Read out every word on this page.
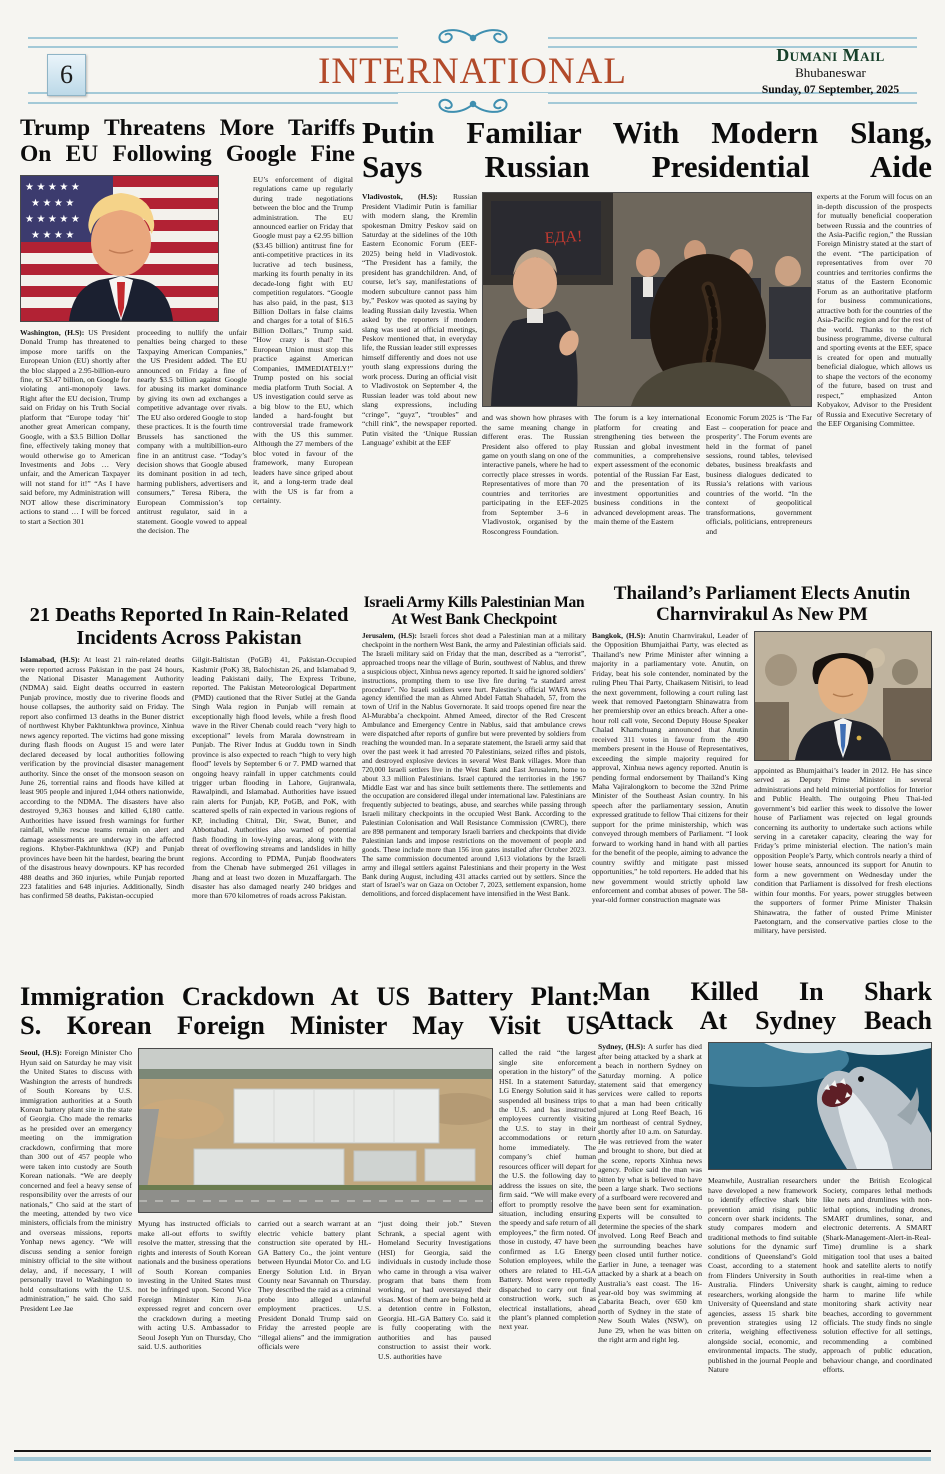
6	INTERNATIONAL	Dumani Mail
Bhubaneswar
Sunday, 07 September, 2025
Trump Threatens More Tariffs
On EU Following Google Fine
★ ★ ★ ★ ★
★ ★ ★ ★
★ ★ ★ ★ ★
★ ★ ★ ★
Washington, (H.S): US President Donald Trump has threatened to impose more tariffs on the European Union (EU) shortly after the bloc slapped a 2.95-billion-euro fine, or $3.47 billion, on Google for violating anti-monopoly laws. Right after the EU decision, Trump said on Friday on his Truth Social platform that “Europe today ‘hit’ another great American company, Google, with a $3.5 Billion Dollar fine, effectively taking money that would otherwise go to American Investments and Jobs … Very unfair, and the American Taxpayer will not stand for it!” “As I have said before, my Administration will NOT allow these discriminatory actions to stand … I will be forced to start a Section 301
proceeding to nullify the unfair penalties being charged to these Taxpaying American Companies,” the US President added. The EU announced on Friday a fine of nearly $3.5 billion against Google for abusing its market dominance by giving its own ad exchanges a competitive advantage over rivals. The EU also ordered Google to stop these practices. It is the fourth time Brussels has sanctioned the company with a multibillion-euro fine in an antitrust case. “Today’s decision shows that Google abused its dominant position in ad tech, harming publishers, advertisers and consumers,” Teresa Ribera, the European Commission’s top antitrust regulator, said in a statement. Google vowed to appeal the decision. The
EU’s enforcement of digital regulations came up regularly during trade negotiations between the bloc and the Trump administration. The EU announced earlier on Friday that Google must pay a €2.95 billion ($3.45 billion) antitrust fine for anti-competitive practices in its lucrative ad tech business, marking its fourth penalty in its decade-long fight with EU competition regulators. “Google has also paid, in the past, $13 Billion Dollars in false claims and charges for a total of $16.5 Billion Dollars,” Trump said. “How crazy is that? The European Union must stop this practice against American Companies, IMMEDIATELY!” Trump posted on his social media platform Truth Social. A US investigation could serve as a big blow to the EU, which landed a hard-fought but controversial trade framework with the US this summer. Although the 27 members of the bloc voted in favour of the framework, many European leaders have since griped about it, and a long-term trade deal with the US is far from a certainty.
Putin Familiar With Modern Slang,
Says Russian Presidential Aide
Vladivostok, (H.S): Russian President Vladimir Putin is familiar with modern slang, the Kremlin spokesman Dmitry Peskov said on Saturday at the sidelines of the 10th Eastern Economic Forum (EEF-2025) being held in Vladivostok. “The President has a family, the president has grandchildren. And, of course, let’s say, manifestations of modern subculture cannot pass him by,” Peskov was quoted as saying by leading Russian daily Izvestia. When asked by the reporters if modern slang was used at official meetings, Peskov mentioned that, in everyday life, the Russian leader still expresses himself differently and does not use youth slang expressions during the work process. During an official visit to Vladivostok on September 4, the Russian leader was told about new slang expressions, including “cringe”, “guyz”, “troubles” and “chill rink”, the newspaper reported. Putin visited the ‘Unique Russian Language’ exhibit at the EEF
ЕДА!
and was shown how phrases with the same meaning change in different eras. The Russian President also offered to play game on youth slang on one of the interactive panels, where he had to correctly place stresses in words. Representatives of more than 70 countries and territories are participating in the EEF-2025 from September 3–6 in Vladivostok, organised by the Roscongress Foundation.
The forum is a key international platform for creating and strengthening ties between the Russian and global investment communities, a comprehensive expert assessment of the economic potential of the Russian Far East, and the presentation of its investment opportunities and business conditions in the advanced development areas. The main theme of the Eastern
Economic Forum 2025 is ‘The Far East – cooperation for peace and prosperity’. The Forum events are held in the format of panel sessions, round tables, televised debates, business breakfasts and business dialogues dedicated to Russia’s relations with various countries of the world. “In the context of geopolitical transformations, government officials, politicians, entrepreneurs and
experts at the Forum will focus on an in-depth discussion of the prospects for mutually beneficial cooperation between Russia and the countries of the Asia-Pacific region,” the Russian Foreign Ministry stated at the start of the event. “The participation of representatives from over 70 countries and territories confirms the status of the Eastern Economic Forum as an authoritative platform for business communications, attractive both for the countries of the Asia-Pacific region and for the rest of the world. Thanks to the rich business programme, diverse cultural and sporting events at the EEF, space is created for open and mutually beneficial dialogue, which allows us to shape the vectors of the economy of the future, based on trust and respect,” emphasized Anton Kobyakov, Advisor to the President of Russia and Executive Secretary of the EEF Organising Committee.
21 Deaths Reported In Rain-Related
Incidents Across Pakistan
Islamabad, (H.S): At least 21 rain-related deaths were reported across Pakistan in the past 24 hours, the National Disaster Management Authority (NDMA) said. Eight deaths occurred in eastern Punjab province, mostly due to riverine floods and house collapses, the authority said on Friday. The report also confirmed 13 deaths in the Buner district of northwest Khyber Pakhtunkhwa province, Xinhua news agency reported. The victims had gone missing during flash floods on August 15 and were later declared deceased by local authorities following verification by the provincial disaster management authority. Since the onset of the monsoon season on June 26, torrential rains and floods have killed at least 905 people and injured 1,044 others nationwide, according to the NDMA. The disasters have also destroyed 9,363 houses and killed 6,180 cattle. Authorities have issued fresh warnings for further rainfall, while rescue teams remain on alert and damage assessments are underway in the affected regions. Khyber-Pakhtunkhwa (KP) and Punjab provinces have been hit the hardest, bearing the brunt of the disastrous heavy downpours. KP has recorded 488 deaths and 360 injuries, while Punjab reported 223 fatalities and 648 injuries. Additionally, Sindh has confirmed 58 deaths, Pakistan-occupied
Gilgit-Baltistan (PoGB) 41, Pakistan-Occupied Kashmir (PoK) 38, Balochistan 26, and Islamabad 9, leading Pakistani daily, The Express Tribune, reported. The Pakistan Meteorological Department (PMD) cautioned that the River Sutlej at the Ganda Singh Wala region in Punjab will remain at exceptionally high flood levels, while a fresh flood wave in the River Chenab could reach “very high to exceptional” levels from Marala downstream in Punjab. The River Indus at Guddu town in Sindh province is also expected to reach “high to very high flood” levels by September 6 or 7. PMD warned that ongoing heavy rainfall in upper catchments could trigger urban flooding in Lahore, Gujranwala, Rawalpindi, and Islamabad. Authorities have issued rain alerts for Punjab, KP, PoGB, and PoK, with scattered spells of rain expected in various regions of KP, including Chitral, Dir, Swat, Buner, and Abbottabad. Authorities also warned of potential flash flooding in low-lying areas, along with the threat of overflowing streams and landslides in hilly regions. According to PDMA, Punjab floodwaters from the Chenab have submerged 261 villages in Jhang and at least two dozen in Muzaffargarh. The disaster has also damaged nearly 240 bridges and more than 670 kilometres of roads across Pakistan.
Israeli Army Kills Palestinian Man
At West Bank Checkpoint
Jerusalem, (H.S): Israeli forces shot dead a Palestinian man at a military checkpoint in the northern West Bank, the army and Palestinian officials said. The Israeli military said on Friday that the man, described as a “terrorist”, approached troops near the village of Burin, southwest of Nablus, and threw a suspicious object, Xinhua news agency reported. It said he ignored soldiers’ instructions, prompting them to use live fire during “a standard arrest procedure”. No Israeli soldiers were hurt. Palestine’s official WAFA news agency identified the man as Ahmed Abdel Fattah Shahadeh, 57, from the town of Urif in the Nablus Governorate. It said troops opened fire near the Al-Murabba’a checkpoint. Ahmed Ameed, director of the Red Crescent Ambulance and Emergency Centre in Nablus, said that ambulance crews were dispatched after reports of gunfire but were prevented by soldiers from reaching the wounded man. In a separate statement, the Israeli army said that over the past week it had arrested 70 Palestinians, seized rifles and pistols, and destroyed explosive devices in several West Bank villages. More than 720,000 Israeli settlers live in the West Bank and East Jerusalem, home to about 3.3 million Palestinians. Israel captured the territories in the 1967 Middle East war and has since built settlements there. The settlements and the occupation are considered illegal under international law. Palestinians are frequently subjected to beatings, abuse, and searches while passing through Israeli military checkpoints in the occupied West Bank. According to the Palestinian Colonisation and Wall Resistance Commission (CWRC), there are 898 permanent and temporary Israeli barriers and checkpoints that divide Palestinian lands and impose restrictions on the movement of people and goods. These include more than 156 iron gates installed after October 2023. The same commission documented around 1,613 violations by the Israeli army and illegal settlers against Palestinians and their property in the West Bank during August, including 431 attacks carried out by settlers. Since the start of Israel’s war on Gaza on October 7, 2023, settlement expansion, home demolitions, and forced displacement have intensified in the West Bank.
Thailand’s Parliament Elects Anutin
Charnvirakul As New PM
Bangkok, (H.S): Anutin Charnvirakul, Leader of the Opposition Bhumjaithai Party, was elected as Thailand’s new Prime Minister after winning a majority in a parliamentary vote. Anutin, on Friday, beat his sole contender, nominated by the ruling Pheu Thai Party, Chaikasem Nitisiri, to lead the next government, following a court ruling last week that removed Paetongtarn Shinawatra from her premiership over an ethics breach. After a one-hour roll call vote, Second Deputy House Speaker Chalad Khamchuang announced that Anutin received 311 votes in favour from the 490 members present in the House of Representatives, exceeding the simple majority required for approval, Xinhua news agency reported. Anutin is pending formal endorsement by Thailand’s King Maha Vajiralongkorn to become the 32nd Prime Minister of the Southeast Asian country. In his speech after the parliamentary session, Anutin expressed gratitude to fellow Thai citizens for their support for the prime ministership, which was conveyed through members of Parliament. “I look forward to working hand in hand with all parties for the benefit of the people, aiming to advance the country swiftly and mitigate past missed opportunities,” he told reporters. He added that his new government would strictly uphold law enforcement and combat abuses of power. The 58-year-old former construction magnate was
appointed as Bhumjaithai’s leader in 2012. He has since served as Deputy Prime Minister in several administrations and held ministerial portfolios for Interior and Public Health. The outgoing Pheu Thai-led government’s bid earlier this week to dissolve the lower house of Parliament was rejected on legal grounds concerning its authority to undertake such actions while serving in a caretaker capacity, clearing the way for Friday’s prime ministerial election. The nation’s main opposition People’s Party, which controls nearly a third of lower house seats, announced its support for Anutin to form a new government on Wednesday under the condition that Parliament is dissolved for fresh elections within four months. For years, power struggles between the supporters of former Prime Minister Thaksin Shinawatra, the father of ousted Prime Minister Paetongtarn, and the conservative parties close to the military, have persisted.
Immigration Crackdown At US Battery Plant:
S. Korean Foreign Minister May Visit US
Seoul, (H.S): Foreign Minister Cho Hyun said on Saturday he may visit the United States to discuss with Washington the arrests of hundreds of South Koreans by U.S. immigration authorities at a South Korean battery plant site in the state of Georgia. Cho made the remarks as he presided over an emergency meeting on the immigration crackdown, confirming that more than 300 out of 457 people who were taken into custody are South Korean nationals. “We are deeply concerned and feel a heavy sense of responsibility over the arrests of our nationals,” Cho said at the start of the meeting, attended by two vice ministers, officials from the ministry and overseas missions, reports Yonhap news agency. “We will discuss sending a senior foreign ministry official to the site without delay, and, if necessary, I will personally travel to Washington to hold consultations with the U.S. administration,” he said. Cho said President Lee Jae
Myung has instructed officials to make all-out efforts to swiftly resolve the matter, stressing that the rights and interests of South Korean nationals and the business operations of South Korean companies investing in the United States must not be infringed upon. Second Vice Foreign Minister Kim Ji-na expressed regret and concern over the crackdown during a meeting with acting U.S. Ambassador to Seoul Joseph Yun on Thursday, Cho said. U.S. authorities
carried out a search warrant at an electric vehicle battery plant construction site operated by HL-GA Battery Co., the joint venture between Hyundai Motor Co. and LG Energy Solution Ltd. in Bryan County near Savannah on Thursday. They described the raid as a criminal probe into alleged unlawful employment practices. U.S. President Donald Trump said on Friday the arrested people are “illegal aliens” and the immigration officials were
“just doing their job.” Steven Schrank, a special agent with Homeland Security Investigations (HSI) for Georgia, said the individuals in custody include those who came in through a visa waiver program that bans them from working, or had overstayed their visas. Most of them are being held at a detention centre in Folkston, Georgia. HL-GA Battery Co. said it is fully cooperating with the authorities and has paused construction to assist their work. U.S. authorities have
called the raid “the largest single site enforcement operation in the history” of the HSI. In a statement Saturday, LG Energy Solution said it has suspended all business trips to the U.S. and has instructed employees currently visiting the U.S. to stay in their accommodations or return home immediately. The company’s chief human resources officer will depart for the U.S. the following day to address the issues on site, the firm said. “We will make every effort to promptly resolve the situation, including ensuring the speedy and safe return of all employees,” the firm noted. Of those in custody, 47 have been confirmed as LG Energy Solution employees, while the others are related to HL-GA Battery. Most were reportedly dispatched to carry out final construction work, such as electrical installations, ahead the plant’s planned completion next year.
Man Killed In Shark
Attack At Sydney Beach
Sydney, (H.S): A surfer has died after being attacked by a shark at a beach in northern Sydney on Saturday morning. A police statement said that emergency services were called to reports that a man had been critically injured at Long Reef Beach, 16 km northeast of central Sydney, shortly after 10 a.m. on Saturday. He was retrieved from the water and brought to shore, but died at the scene, reports Xinhua news agency. Police said the man was bitten by what is believed to have been a large shark. Two sections of a surfboard were recovered and have been sent for examination. Experts will be consulted to determine the species of the shark involved. Long Reef Beach and the surrounding beaches have been closed until further notice. Earlier in June, a teenager was attacked by a shark at a beach on Australia’s east coast. The 16-year-old boy was swimming at Cabarita Beach, over 650 km north of Sydney in the state of New South Wales (NSW), on June 29, when he was bitten on the right arm and right leg.
Meanwhile, Australian researchers have developed a new framework to identify effective shark bite prevention amid rising public concern over shark incidents. The study compares modern and traditional methods to find suitable solutions for the dynamic surf conditions of Queensland’s Gold Coast, according to a statement from Flinders University in South Australia. Flinders University researchers, working alongside the University of Queensland and state agencies, assess 15 shark bite prevention strategies using 12 criteria, weighing effectiveness alongside social, economic, and environmental impacts. The study, published in the journal People and Nature
under the British Ecological Society, compares lethal methods like nets and drumlines with non-lethal options, including drones, SMART drumlines, sonar, and electronic deterrents. A SMART (Shark-Management-Alert-in-Real-Time) drumline is a shark mitigation tool that uses a baited hook and satellite alerts to notify authorities in real-time when a shark is caught, aiming to reduce harm to marine life while monitoring shark activity near beaches, according to government officials. The study finds no single solution effective for all settings, recommending a combined approach of public education, behaviour change, and coordinated efforts.
